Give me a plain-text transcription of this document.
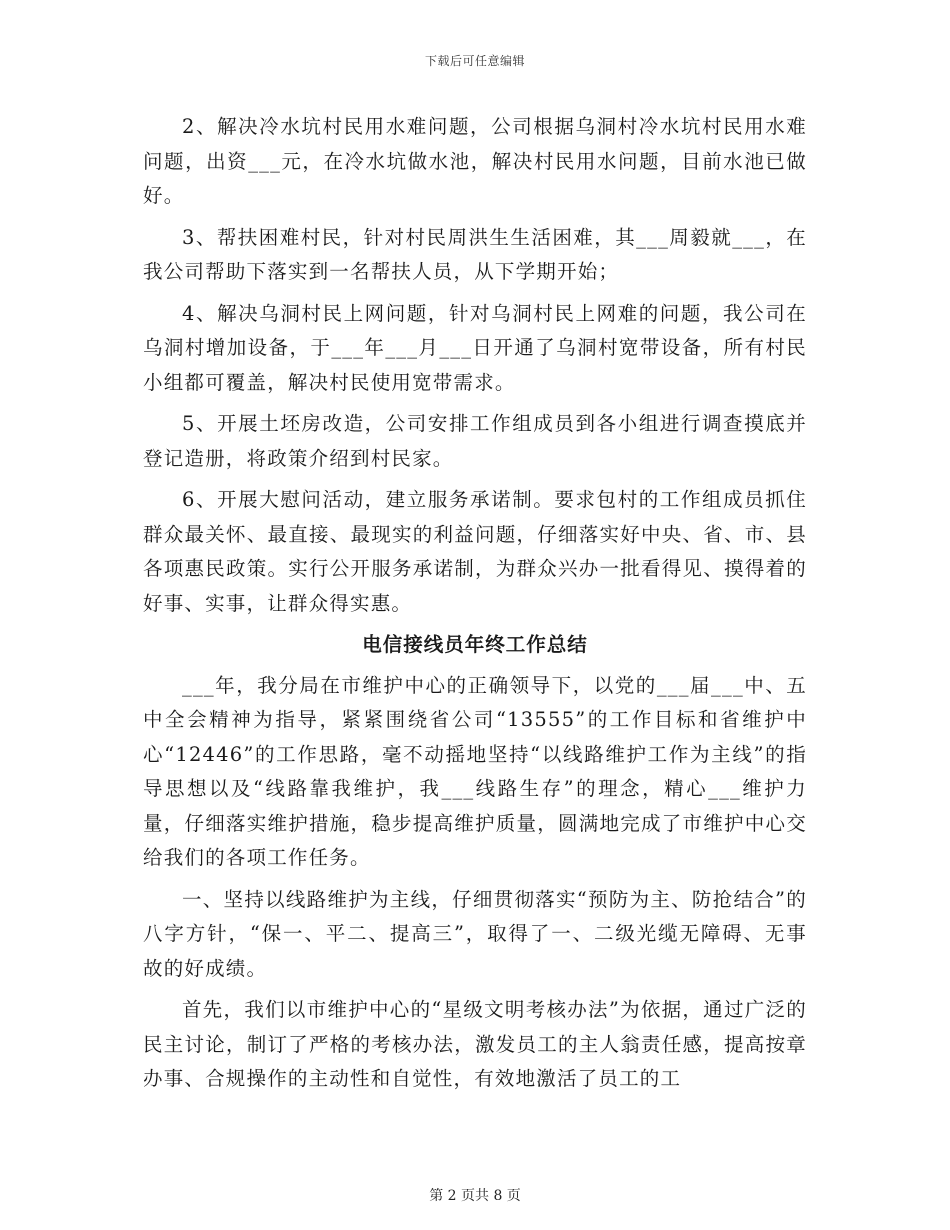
下载后可任意编辑

2、解决冷水坑村民用水难问题，公司根据乌洞村冷水坑村民用水难问题，出资___元，在冷水坑做水池，解决村民用水问题，目前水池已做好。

3、帮扶困难村民，针对村民周洪生生活困难，其___周毅就___，在我公司帮助下落实到一名帮扶人员，从下学期开始；

4、解决乌洞村民上网问题，针对乌洞村民上网难的问题，我公司在乌洞村增加设备，于___年___月___日开通了乌洞村宽带设备，所有村民小组都可覆盖，解决村民使用宽带需求。

5、开展土坯房改造，公司安排工作组成员到各小组进行调查摸底并登记造册，将政策介绍到村民家。

6、开展大慰问活动，建立服务承诺制。要求包村的工作组成员抓住群众最关怀、最直接、最现实的利益问题，仔细落实好中央、省、市、县各项惠民政策。实行公开服务承诺制，为群众兴办一批看得见、摸得着的好事、实事，让群众得实惠。

电信接线员年终工作总结

___年，我分局在市维护中心的正确领导下，以党的___届___中、五中全会精神为指导，紧紧围绕省公司“13555”的工作目标和省维护中心“12446”的工作思路，毫不动摇地坚持“以线路维护工作为主线”的指导思想以及“线路靠我维护，我___线路生存”的理念，精心___维护力量，仔细落实维护措施，稳步提高维护质量，圆满地完成了市维护中心交给我们的各项工作任务。

一、坚持以线路维护为主线，仔细贯彻落实“预防为主、防抢结合”的八字方针，“保一、平二、提高三”，取得了一、二级光缆无障碍、无事故的好成绩。

首先，我们以市维护中心的“星级文明考核办法”为依据，通过广泛的民主讨论，制订了严格的考核办法，激发员工的主人翁责任感，提高按章办事、合规操作的主动性和自觉性，有效地激活了员工的工

第 2 页共 8 页
